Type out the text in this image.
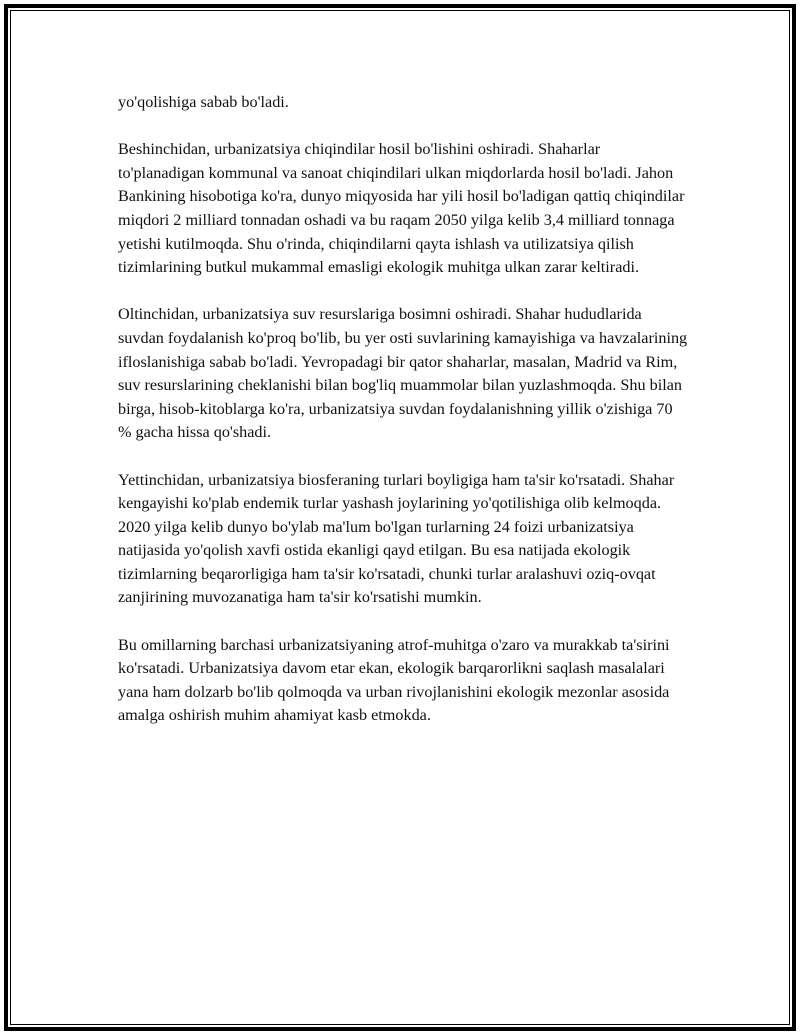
yo'qolishiga sabab bo'ladi.

Beshinchidan, urbanizatsiya chiqindilar hosil bo'lishini oshiradi. Shaharlar to'planadigan kommunal va sanoat chiqindilari ulkan miqdorlarda hosil bo'ladi. Jahon Bankining hisobotiga ko'ra, dunyo miqyosida har yili hosil bo'ladigan qattiq chiqindilar miqdori 2 milliard tonnadan oshadi va bu raqam 2050 yilga kelib 3,4 milliard tonnaga yetishi kutilmoqda. Shu o'rinda, chiqindilarni qayta ishlash va utilizatsiya qilish tizimlarining butkul mukammal emasligi ekologik muhitga ulkan zarar keltiradi.

Oltinchidan, urbanizatsiya suv resurslariga bosimni oshiradi. Shahar hududlarida suvdan foydalanish ko'proq bo'lib, bu yer osti suvlarining kamayishiga va havzalarining ifloslanishiga sabab bo'ladi. Yevropadagi bir qator shaharlar, masalan, Madrid va Rim, suv resurslarining cheklanishi bilan bog'liq muammolar bilan yuzlashmoqda. Shu bilan birga, hisob-kitoblarga ko'ra, urbanizatsiya suvdan foydalanishning yillik o'zishiga 70 % gacha hissa qo'shadi.

Yettinchidan, urbanizatsiya biosferaning turlari boyligiga ham ta'sir ko'rsatadi. Shahar kengayishi ko'plab endemik turlar yashash joylarining yo'qotilishiga olib kelmoqda. 2020 yilga kelib dunyo bo'ylab ma'lum bo'lgan turlarning 24 foizi urbanizatsiya natijasida yo'qolish xavfi ostida ekanligi qayd etilgan. Bu esa natijada ekologik tizimlarning beqarorligiga ham ta'sir ko'rsatadi, chunki turlar aralashuvi oziq-ovqat zanjirining muvozanatiga ham ta'sir ko'rsatishi mumkin.

Bu omillarning barchasi urbanizatsiyaning atrof-muhitga o'zaro va murakkab ta'sirini ko'rsatadi. Urbanizatsiya davom etar ekan, ekologik barqarorlikni saqlash masalalari yana ham dolzarb bo'lib qolmoqda va urban rivojlanishini ekologik mezonlar asosida amalga oshirish muhim ahamiyat kasb etmokda.
